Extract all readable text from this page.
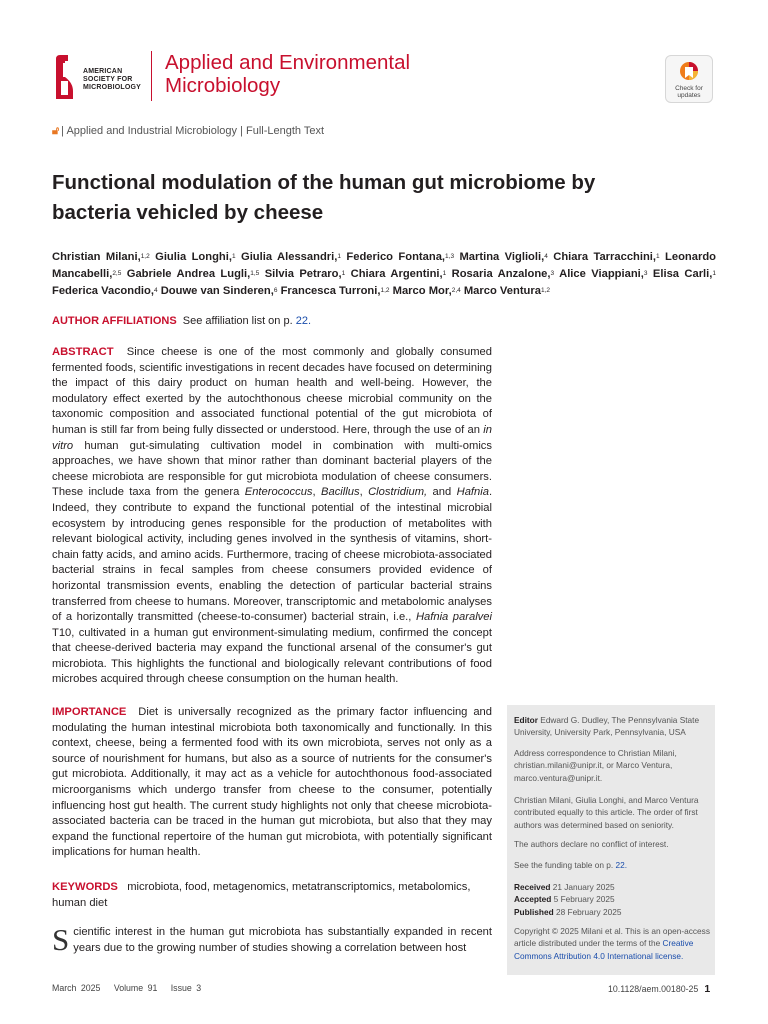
AMERICAN
SOCIETY FOR
MICROBIOLOGY
Applied and Environmental
Microbiology	Check for
updates
🔓︎ | Applied and Industrial Microbiology | Full-Length Text
Functional modulation of the human gut microbiome by
bacteria vehicled by cheese
Christian Milani,$^{1,2}$ Giulia Longhi,$^1$ Giulia Alessandri,$^1$ Federico Fontana,$^{1,3}$ Martina Viglioli,$^4$ Chiara Tarracchini,$^1$ Leonardo Mancabelli,$^{2,5}$ Gabriele Andrea Lugli,$^{1,5}$ Silvia Petraro,$^1$ Chiara Argentini,$^1$ Rosaria Anzalone,$^3$ Alice Viappiani,$^3$ Elisa Carli,$^1$ Federica Vacondio,$^4$ Douwe van Sinderen,$^6$ Francesca Turroni,$^{1,2}$ Marco Mor,$^{2,4}$ Marco Ventura$^{1,2}$
AUTHOR AFFILIATIONS See affiliation list on p. 22.
ABSTRACT Since cheese is one of the most commonly and globally consumed fermented foods, scientific investigations in recent decades have focused on determining the impact of this dairy product on human health and well-being. However, the modulatory effect exerted by the autochthonous cheese microbial community on the taxonomic composition and associated functional potential of the gut microbiota of human is still far from being fully dissected or understood. Here, through the use of an in vitro human gut-simulating cultivation model in combination with multi-omics approaches, we have shown that minor rather than dominant bacterial players of the cheese microbiota are responsible for gut microbiota modulation of cheese consumers. These include taxa from the genera Enterococcus, Bacillus, Clostridium, and Hafnia. Indeed, they contribute to expand the functional potential of the intestinal microbial ecosystem by introducing genes responsible for the production of metabolites with relevant biological activity, including genes involved in the synthesis of vitamins, short-chain fatty acids, and amino acids. Furthermore, tracing of cheese microbiota-associated bacterial strains in fecal samples from cheese consumers provided evidence of horizontal transmission events, enabling the detection of particular bacterial strains transferred from cheese to humans. Moreover, transcriptomic and metabolomic analyses of a horizontally transmitted (cheese-to-consumer) bacterial strain, i.e., Hafnia paralvei T10, cultivated in a human gut environment-simulating medium, confirmed the concept that cheese-derived bacteria may expand the functional arsenal of the consumer's gut microbiota. This highlights the functional and biologically relevant contributions of food microbes acquired through cheese consumption on the human health.
IMPORTANCE Diet is universally recognized as the primary factor influencing and modulating the human intestinal microbiota both taxonomically and functionally. In this context, cheese, being a fermented food with its own microbiota, serves not only as a source of nourishment for humans, but also as a source of nutrients for the consumer's gut microbiota. Additionally, it may act as a vehicle for autochthonous food-associated microorganisms which undergo transfer from cheese to the consumer, potentially influencing host gut health. The current study highlights not only that cheese microbiota-associated bacteria can be traced in the human gut microbiota, but also that they may expand the functional repertoire of the human gut microbiota, with potentially significant implications for human health.
KEYWORDS microbiota, food, metagenomics, metatranscriptomics, metabolomics, human diet
Scientific interest in the human gut microbiota has substantially expanded in recent years due to the growing number of studies showing a correlation between host
Editor Edward G. Dudley, The Pennsylvania State University, University Park, Pennsylvania, USA
Address correspondence to Christian Milani, christian.milani@unipr.it, or Marco Ventura, marco.ventura@unipr.it.
Christian Milani, Giulia Longhi, and Marco Ventura contributed equally to this article. The order of first authors was determined based on seniority.
The authors declare no conflict of interest.
See the funding table on p. 22.
Received 21 January 2025
Accepted 5 February 2025
Published 28 February 2025
Copyright © 2025 Milani et al. This is an open-access article distributed under the terms of the Creative Commons Attribution 4.0 International license.
March 2025 Volume 91 Issue 3	10.1128/aem.00180-25 1
